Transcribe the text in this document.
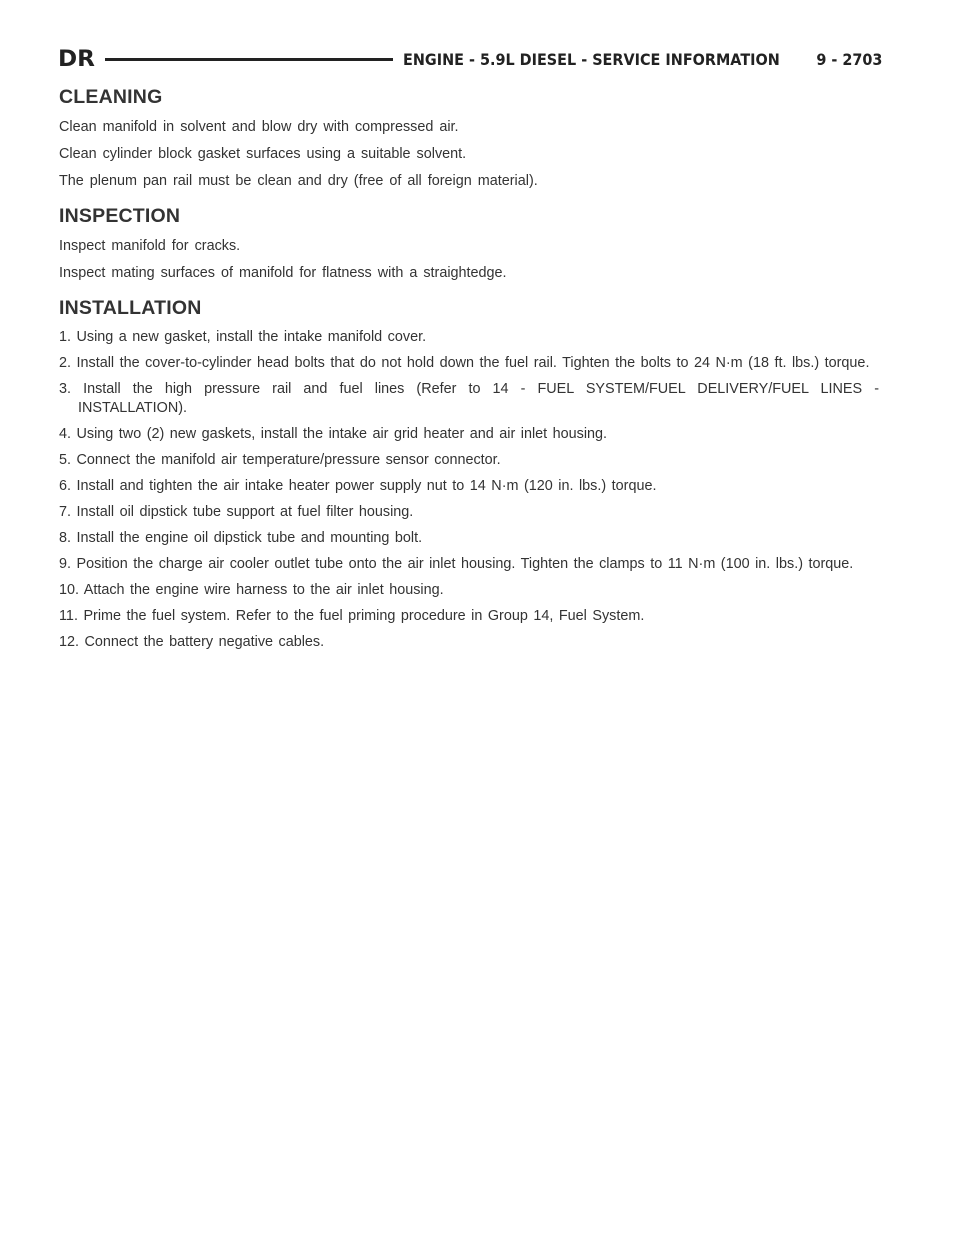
DR	ENGINE - 5.9L DIESEL - SERVICE INFORMATION 9 - 2703
CLEANING

Clean manifold in solvent and blow dry with compressed air.

Clean cylinder block gasket surfaces using a suitable solvent.

The plenum pan rail must be clean and dry (free of all foreign material).

INSPECTION

Inspect manifold for cracks.

Inspect mating surfaces of manifold for flatness with a straightedge.

INSTALLATION
1. Using a new gasket, install the intake manifold cover.
2. Install the cover-to-cylinder head bolts that do not hold down the fuel rail. Tighten the bolts to 24 N·m (18 ft. lbs.) torque.
3. Install the high pressure rail and fuel lines (Refer to 14 - FUEL SYSTEM/FUEL DELIVERY/FUEL LINES - INSTALLATION).
4. Using two (2) new gaskets, install the intake air grid heater and air inlet housing.
5. Connect the manifold air temperature/pressure sensor connector.
6. Install and tighten the air intake heater power supply nut to 14 N·m (120 in. lbs.) torque.
7. Install oil dipstick tube support at fuel filter housing.
8. Install the engine oil dipstick tube and mounting bolt.
9. Position the charge air cooler outlet tube onto the air inlet housing. Tighten the clamps to 11 N·m (100 in. lbs.) torque.
10. Attach the engine wire harness to the air inlet housing.
11. Prime the fuel system. Refer to the fuel priming procedure in Group 14, Fuel System.
12. Connect the battery negative cables.
